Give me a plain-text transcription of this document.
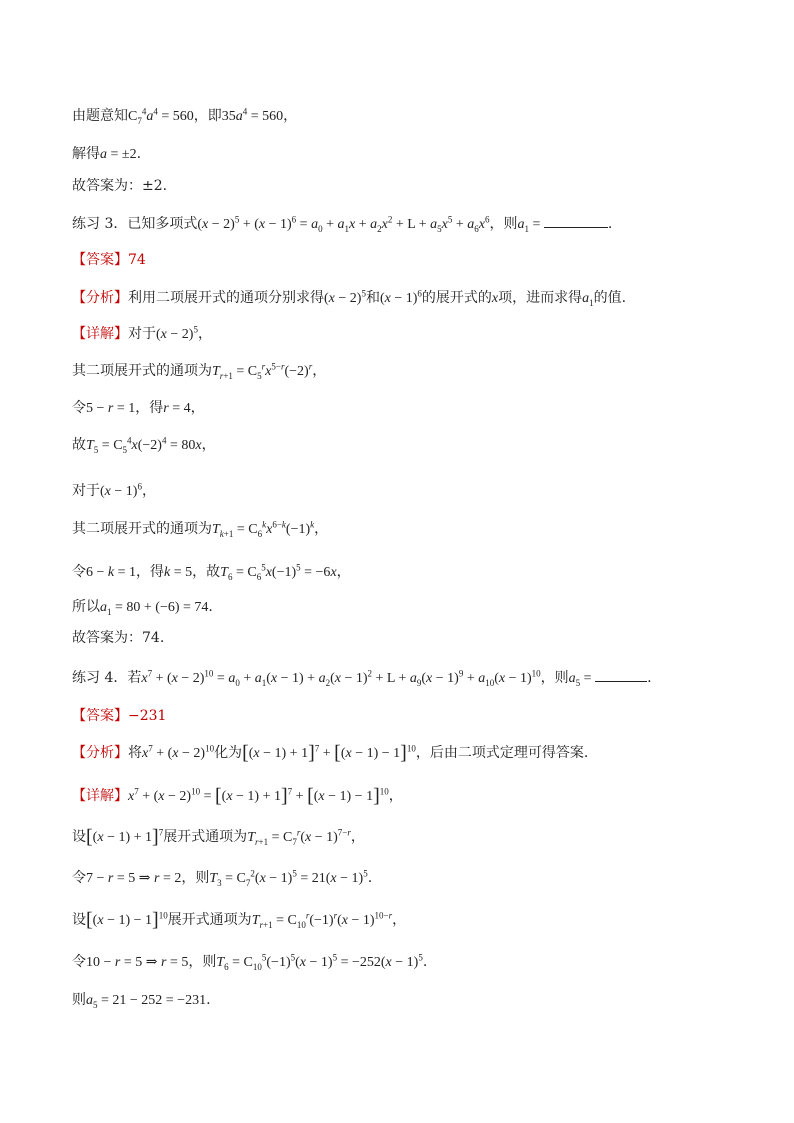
由题意知$C_7^4a^4 = 560$，即$35a^4 = 560$，
解得a = ±2.
故答案为：±2.
练习 3．已知多项式$(x - 2)^5 + (x - 1)^6 = a_0 + a_1x + a_2x^2 + L + a_5x^5 + a_6x^6$，则$a_1$ =	.
【答案】74
【分析】利用二项展开式的通项分别求得$(x - 2)^5$和$(x - 1)^6$的展开式的x项，进而求得$a_1$的值.
【详解】对于$(x - 2)^5$，
其二项展开式的通项为$T_{r+1} = C_5^rx^{5-r}(-2)^r$，
令5 − r = 1，得r = 4，
故$T_5 = C_5^4x(-2)^4 = 80x$，
对于$(x - 1)^6$，
其二项展开式的通项为$T_{k+1} = C_6^kx^{6-k}(-1)^k$，
令6 − k = 1，得k = 5，故$T_6 = C_6^5x(-1)^5 = -6x$，
所以$a_1 = 80 + (-6) = 74$.
故答案为：74.
练习 4．若$x^7 + (x - 2)^{10} = a_0 + a_1(x - 1) + a_2(x - 1)^2 + L + a_9(x - 1)^9 + a_{10}(x - 1)^{10}$，则$a_5$ =	.
【答案】−231
【分析】将$x^7 + (x - 2)^{10}$化为$[(x - 1) + 1]^7 + [(x - 1) - 1]^{10}$，后由二项式定理可得答案.
【详解】$x^7 + (x - 2)^{10} = [(x - 1) + 1]^7 + [(x - 1) - 1]^{10}$，
设$[(x - 1) + 1]^7$展开式通项为$T_{r+1} = C_7^r(x - 1)^{7-r}$，
令7 − r = 5 ⇒ r = 2，则$T_3 = C_7^2(x - 1)^5 = 21(x - 1)^5$.
设$[(x - 1) - 1]^{10}$展开式通项为$T_{r+1} = C_{10}^r(-1)^r(x - 1)^{10-r}$，
令10 − r = 5 ⇒ r = 5，则$T_6 = C_{10}^5(-1)^5(x - 1)^5 = -252(x - 1)^5$.
则$a_5 = 21 - 252 = -231$.
